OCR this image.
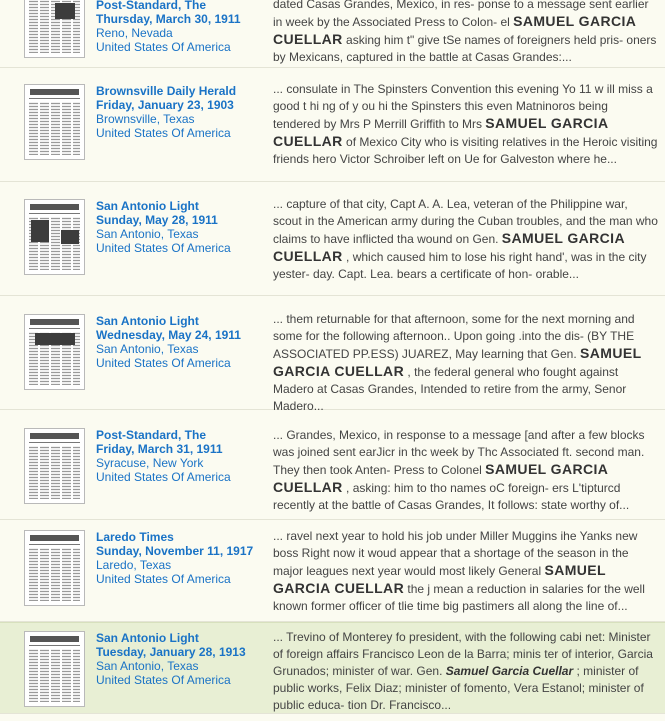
Post-Standard, The
Thursday, March 30, 1911
Reno, Nevada
United States Of America
dated Casas Grandes, Mexico, in res- ponse to a message sent earlier in week by the Associated Press to Colon- el SAMUEL GARCIA CUELLAR asking him t" give tSe names of foreigners held pris- oners by Mexicans, captured in the battle at Casas Grandes:...
Brownsville Daily Herald
Friday, January 23, 1903
Brownsville, Texas
United States Of America
... consulate in The Spinsters Convention this evening Yo 11 w ill miss a good t hi ng of y ou hi the Spinsters this even Matninoros being tendered by Mrs P Merrill Griffith to Mrs SAMUEL GARCIA CUELLAR of Mexico City who is visiting relatives in the Heroic visiting friends hero Victor Schroiber left on Ue for Galveston where he...
San Antonio Light
Sunday, May 28, 1911
San Antonio, Texas
United States Of America
... capture of that city, Capt A. A. Lea, veteran of the Philippine war, scout in the American army during the Cuban troubles, and the man who claims to have inflicted tha wound on Gen. SAMUEL GARCIA CUELLAR , which caused him to lose his right hand', was in the city yester- day. Capt. Lea. bears a certificate of hon- orable...
San Antonio Light
Wednesday, May 24, 1911
San Antonio, Texas
United States Of America
... them returnable for that afternoon, some for the next morning and some for the following afternoon.. Upon going .into the dis- (BY THE ASSOCIATED PP.ESS) JUAREZ, May learning that Gen. SAMUEL GARCIA CUELLAR , the federal general who fought against Madero at Casas Grandes, Intended to retire from the army, Senor Madero...
Post-Standard, The
Friday, March 31, 1911
Syracuse, New York
United States Of America
... Grandes, Mexico, in response to a message [and after a few blocks was joined sent earJicr in thc week by Thc Associated ft. second man. They then took Anten- Press to Colonel SAMUEL GARCIA CUELLAR , asking: him to tho names oC foreign- ers L'tipturcd recently at the battle of Casas Grandes, It follows: state worthy of...
Laredo Times
Sunday, November 11, 1917
Laredo, Texas
United States Of America
... ravel next year to hold his job under Miller Muggins ihe Yanks new boss Right now it woud appear that a shortage of the season in the major leagues next year would most likely General SAMUEL GARCIA CUELLAR the j mean a reduction in salaries for the well known former officer of tlie time big pastimers all along the line of...
San Antonio Light
Tuesday, January 28, 1913
San Antonio, Texas
United States Of America
... Trevino of Monterey fo president, with the following cabi net: Minister of foreign affairs Francisco Leon de la Barra; minis ter of interior, Garcia Grunados; minister of war. Gen. Samuel Garcia Cuellar ; minister of public works, Felix Diaz; minister of fomento, Vera Estanol; minister of public educa- tion Dr. Francisco...
